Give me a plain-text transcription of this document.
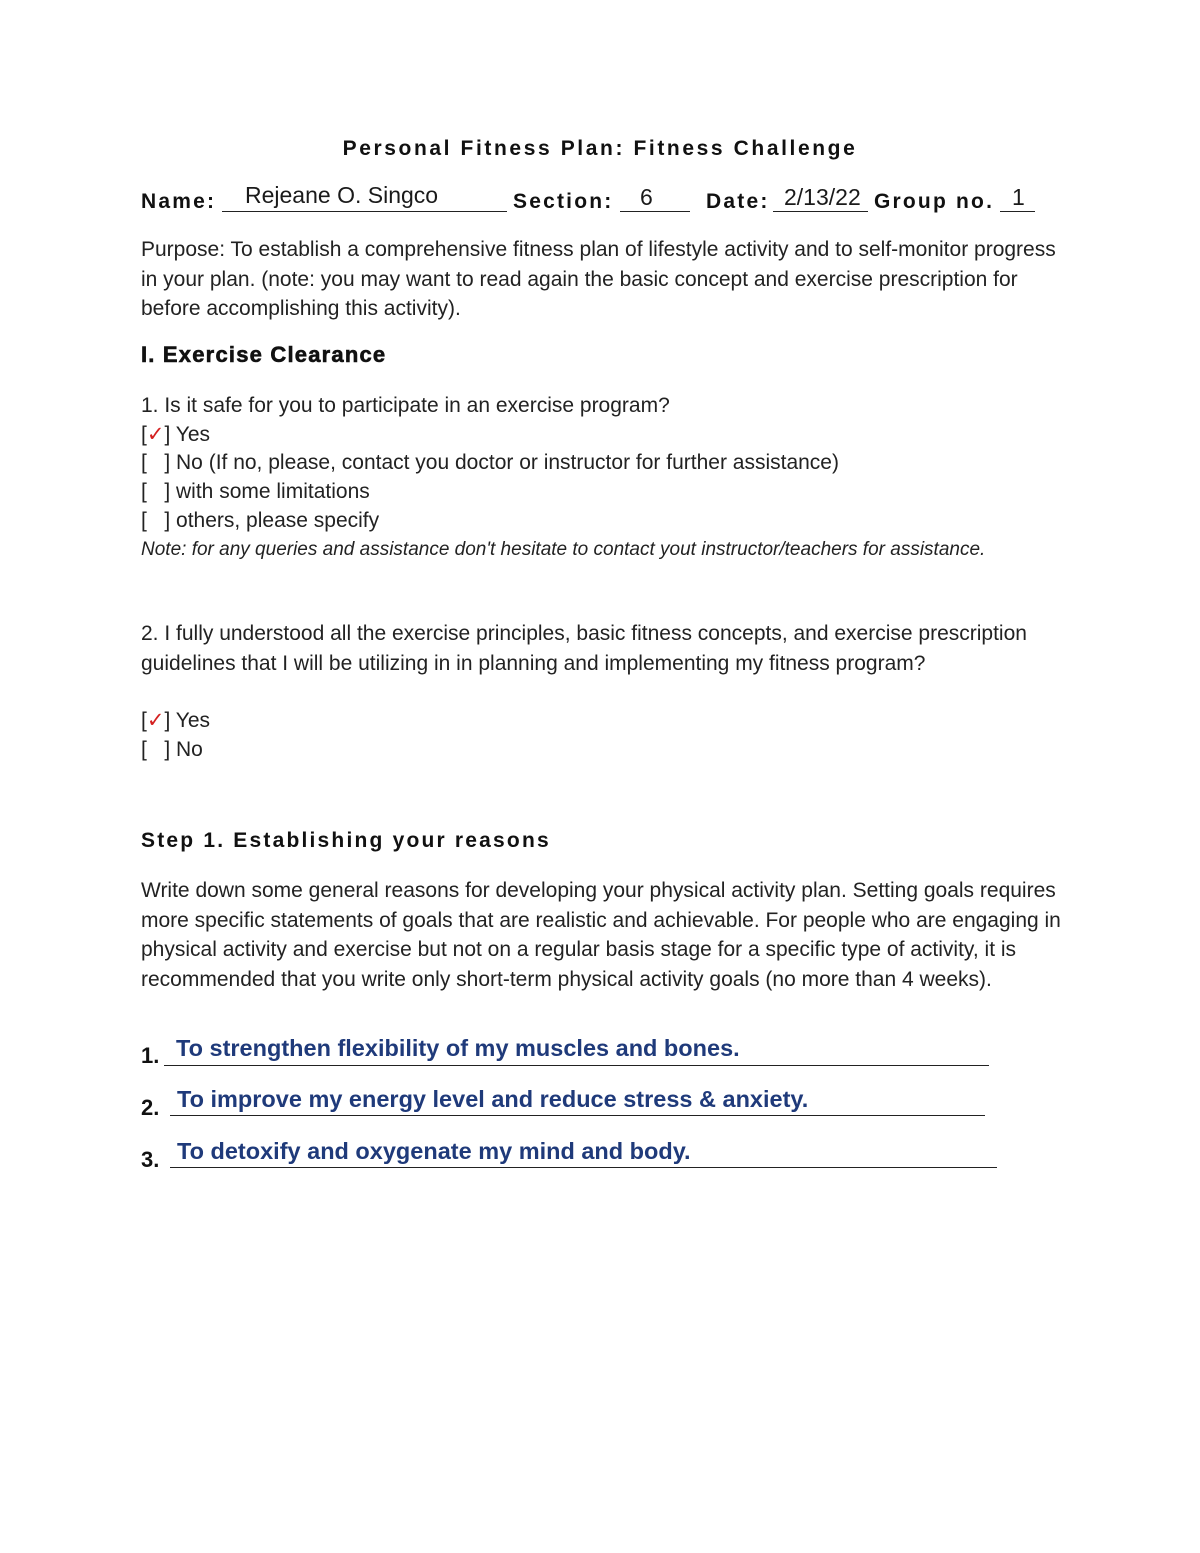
Personal Fitness Plan: Fitness Challenge
Name: Rejeane O. Singco	Section: 6	Date: 2/13/22 Group no. 1
Purpose: To establish a comprehensive fitness plan of lifestyle activity and to self-monitor progress in your plan. (note: you may want to read again the basic concept and exercise prescription for before accomplishing this activity).
I. Exercise Clearance
1. Is it safe for you to participate in an exercise program?
[✓] Yes
[   ] No (If no, please, contact you doctor or instructor for further assistance)
[   ] with some limitations
[   ] others, please specify
Note: for any queries and assistance don't hesitate to contact yout instructor/teachers for assistance.
2. I fully understood all the exercise principles, basic fitness concepts, and exercise prescription guidelines that I will be utilizing in in planning and implementing my fitness program?
[✓] Yes
[   ] No
Step 1. Establishing your reasons
Write down some general reasons for developing your physical activity plan. Setting goals requires more specific statements of goals that are realistic and achievable. For people who are engaging in physical activity and exercise but not on a regular basis stage for a specific type of activity, it is recommended that you write only short-term physical activity goals (no more than 4 weeks).
1. To strengthen flexibility of my muscles and bones.
2. To improve my energy level and reduce stress & anxiety.
3. To detoxify and oxygenate my mind and body.
